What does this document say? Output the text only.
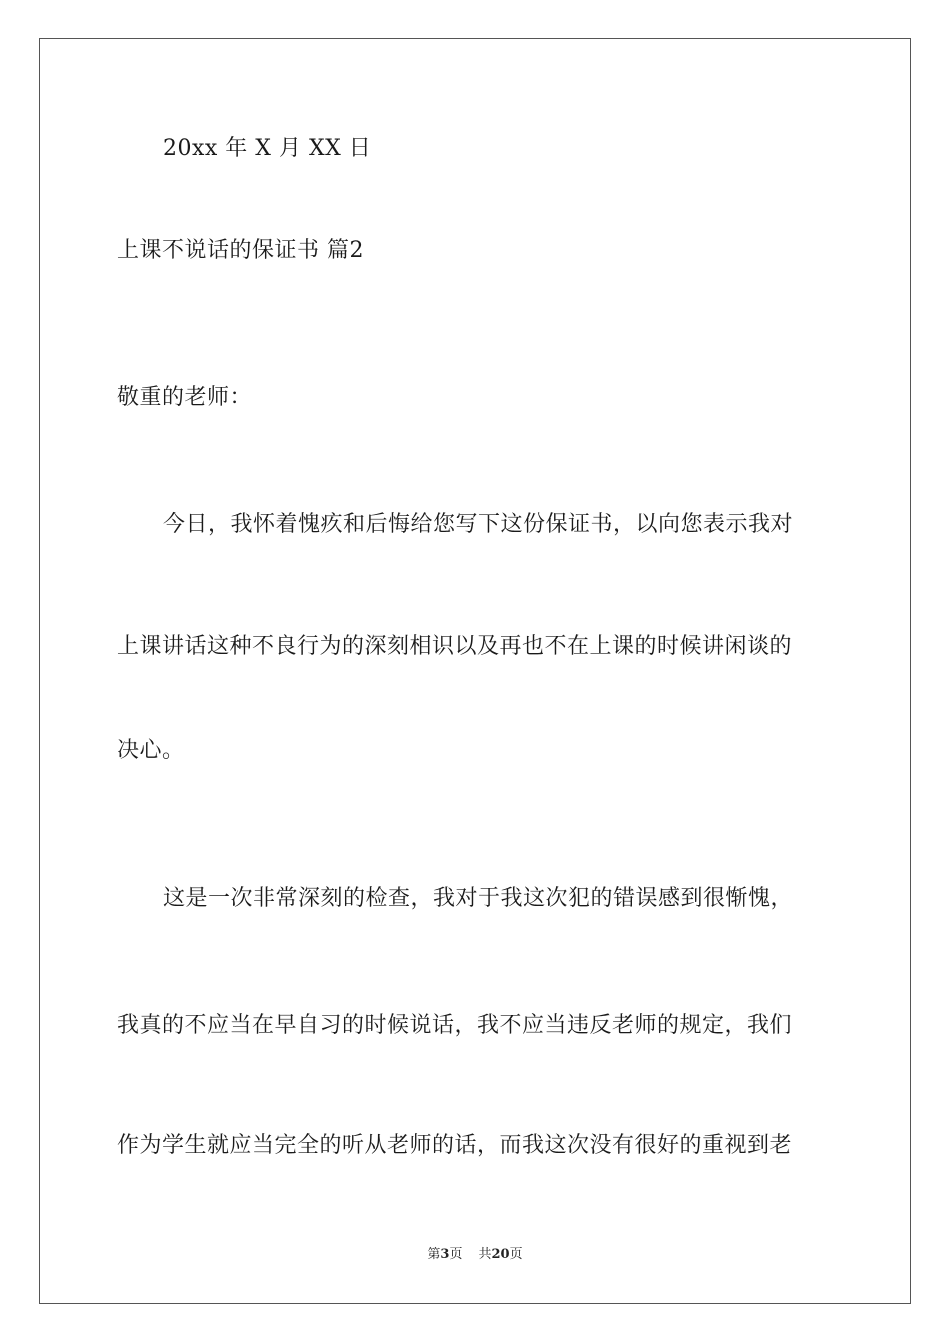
20xx 年 X 月 XX 日
上课不说话的保证书 篇2
敬重的老师：
今日，我怀着愧疚和后悔给您写下这份保证书，以向您表示我对
上课讲话这种不良行为的深刻相识以及再也不在上课的时候讲闲谈的
决心。
这是一次非常深刻的检查，我对于我这次犯的错误感到很惭愧，
我真的不应当在早自习的时候说话，我不应当违反老师的规定，我们
作为学生就应当完全的听从老师的话，而我这次没有很好的重视到老
第3页 共20页
